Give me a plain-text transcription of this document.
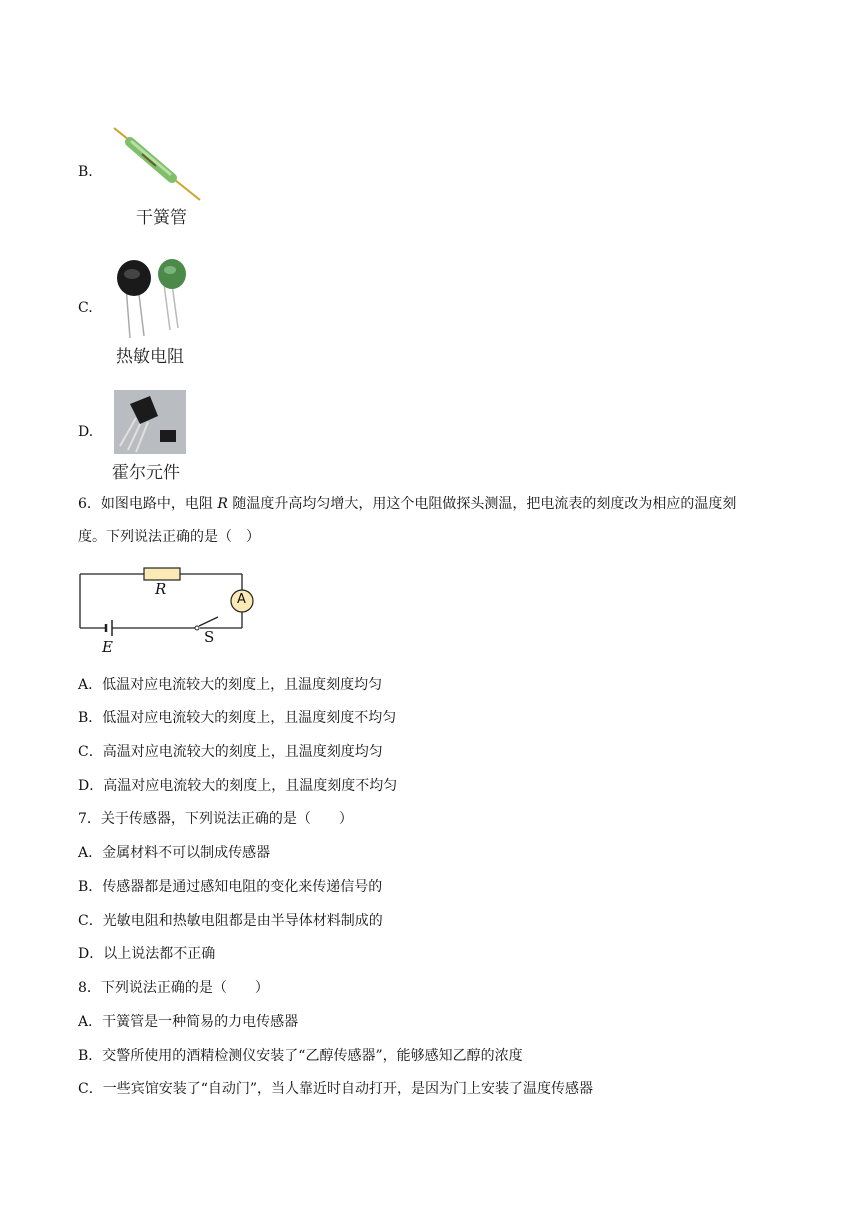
B.
干簧管
C.
热敏电阻
D.
霍尔元件
6．如图电路中，电阻 R 随温度升高均匀增大，用这个电阻做探头测温，把电流表的刻度改为相应的温度刻
度。下列说法正确的是（　）
R
A
E
S
A．低温对应电流较大的刻度上，且温度刻度均匀
B．低温对应电流较大的刻度上，且温度刻度不均匀
C．高温对应电流较大的刻度上，且温度刻度均匀
D．高温对应电流较大的刻度上，且温度刻度不均匀
7．关于传感器，下列说法正确的是（　　）
A．金属材料不可以制成传感器
B．传感器都是通过感知电阻的变化来传递信号的
C．光敏电阻和热敏电阻都是由半导体材料制成的
D．以上说法都不正确
8．下列说法正确的是（　　）
A．干簧管是一种简易的力电传感器
B．交警所使用的酒精检测仪安装了“乙醇传感器”，能够感知乙醇的浓度
C．一些宾馆安装了“自动门”，当人靠近时自动打开，是因为门上安装了温度传感器
